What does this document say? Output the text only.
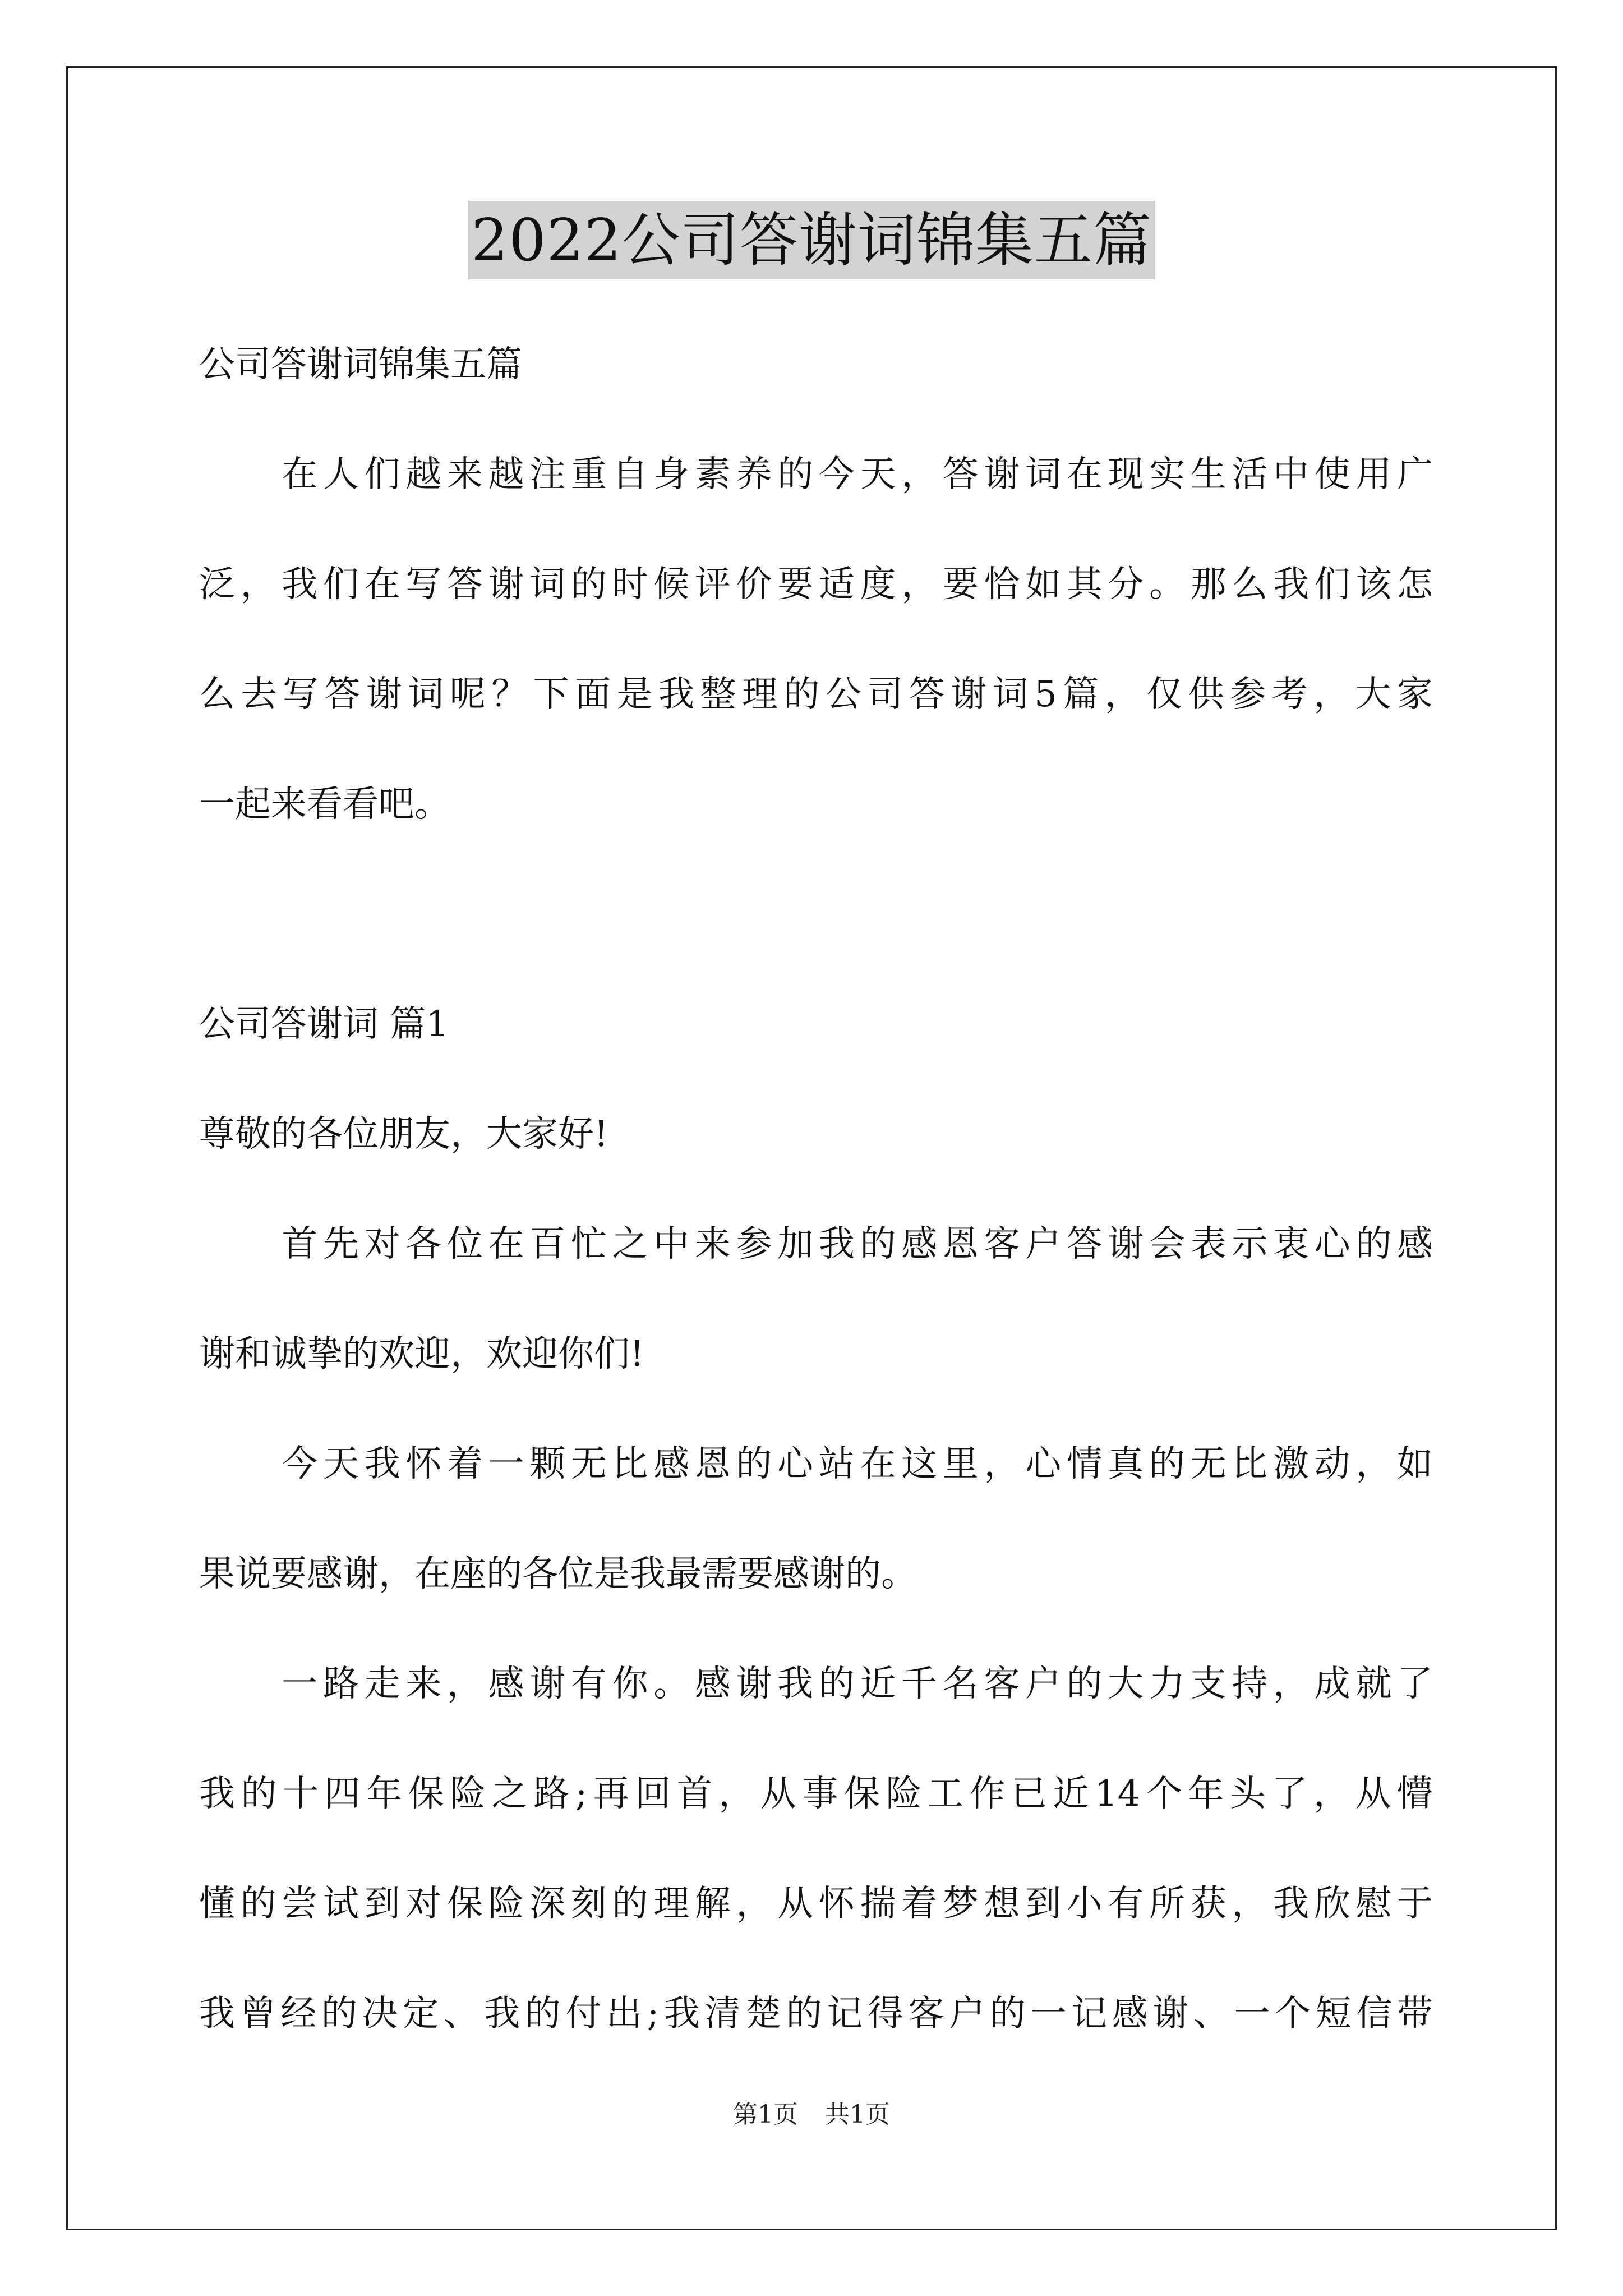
2022公司答谢词锦集五篇
公司答谢词锦集五篇
　　在人们越来越注重自身素养的今天，答谢词在现实生活中使用广
泛，我们在写答谢词的时候评价要适度，要恰如其分。那么我们该怎
么去写答谢词呢？下面是我整理的公司答谢词5篇，仅供参考，大家
一起来看看吧。
公司答谢词 篇1
尊敬的各位朋友，大家好!
　　首先对各位在百忙之中来参加我的感恩客户答谢会表示衷心的感
谢和诚挚的欢迎，欢迎你们!
　　今天我怀着一颗无比感恩的心站在这里，心情真的无比激动，如
果说要感谢，在座的各位是我最需要感谢的。
　　一路走来，感谢有你。感谢我的近千名客户的大力支持，成就了
我的十四年保险之路;再回首，从事保险工作已近14个年头了，从懵
懂的尝试到对保险深刻的理解，从怀揣着梦想到小有所获，我欣慰于
我曾经的决定、我的付出;我清楚的记得客户的一记感谢、一个短信带
第1页 共1页
